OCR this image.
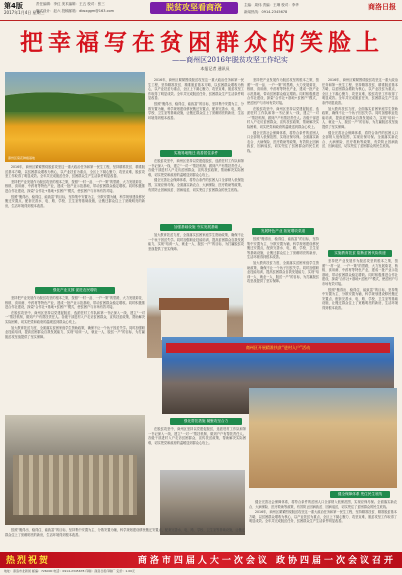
第4版
2017年1月4日 星期三
责任编辑：李红 美术编辑：王五 校对：张三
版式设计：赵六 投稿邮箱：dbsxggm@163.com	脱贫攻坚看商洛	主编：周伟 责编：王琳 校对：李华
新闻热线：0914-2345678
商洛日报
把幸福写在贫困群众的笑脸上
——商州区2016年脱贫攻坚工作纪实
本报记者 通讯员
商州区菊花种植基地

2016年，商州区紧紧围绕脱贫攻坚这一重大政治任务和第一民生工程，坚持精准扶贫、精准脱贫基本方略，以贫困群众增收为核心，以产业扶贫为重点，全区上下凝心聚力、攻坚克难，脱贫攻坚工作取得了明显成效。全年共完成脱贫任务，贫困群众生产生活条件明显改善。

坚持把产业发展作为脱贫攻坚的根本之策，按照“一村一品、一户一策”的思路，大力发展菊花、核桃、食用菌、中药材等特色产业，建成一批产业示范基地，带动贫困群众稳定增收。同时积极推进合作社建设，探索“合作社+基地+贫困户”模式，使贫困户与市场有效对接。

按照“搬得出、稳得住、能致富”的目标，坚持集中安置为主、分散安置为辅，科学规划建设移民搬迁安置点，配套完善水、电、路、学校、卫生室等基础设施，让搬迁群众住上了宽敞明亮的新房，生活环境得到根本改善。

强化产业支撑 促进农民增收

坚持把产业发展作为脱贫攻坚的根本之策，按照“一村一品、一户一策”的思路，大力发展菊花、核桃、食用菌、中药材等特色产业，建成一批产业示范基地，带动贫困群众稳定增收。同时积极推进合作社建设，探索“合作社+基地+贫困户”模式，使贫困户与市场有效对接。

在脱贫攻坚中，商州区坚持以党建促脱贫，选派驻村工作队和第一书记深入一线，建立“一对一”帮扶机制，做到户户有帮扶责任人。各级干部进村入户走访贫困群众，宣传扶贫政策，帮助解决实际困难，切实把党和政府的温暖送到群众心坎上。

加大教育扶贫力度，全面落实贫困家庭学生资助政策，确保不让一个孩子因贫失学。同时加强职业技能培训，提高贫困群众自我发展能力，实现“培训一人、就业一人、脱贫一户”的目标，为打赢脱贫攻坚战提供了坚实保障。

2016年，商州区紧紧围绕脱贫攻坚这一重大政治任务和第一民生工程，坚持精准扶贫、精准脱贫基本方略，以贫困群众增收为核心，以产业扶贫为重点，全区上下凝心聚力、攻坚克难，脱贫攻坚工作取得了明显成效。全年共完成脱贫任务，贫困群众生产生活条件明显改善。

按照“搬得出、稳得住、能致富”的目标，坚持集中安置为主、分散安置为辅，科学规划建设移民搬迁安置点，配套完善水、电、路、学校、卫生室等基础设施，让搬迁群众住上了宽敞明亮的新房，生活环境得到根本改善。

实施易地搬迁 改善居住条件

在脱贫攻坚中，商州区坚持以党建促脱贫，选派驻村工作队和第一书记深入一线，建立“一对一”帮扶机制，做到户户有帮扶责任人。各级干部进村入户走访贫困群众，宣传扶贫政策，帮助解决实际困难，切实把党和政府的温暖送到群众心坎上。

健全完善社会保障体系，将符合条件的贫困人口全部纳入低保范围，实现应保尽保。全面落实新农合、大病保险、医疗救助等政策，有效防止因病致贫、因病返贫，切实兜住了贫困群众的民生底线。

加强基础设施 夯实发展基础

加大教育扶贫力度，全面落实贫困家庭学生资助政策，确保不让一个孩子因贫失学。同时加强职业技能培训，提高贫困群众自我发展能力，实现“培训一人、就业一人、脱贫一户”的目标，为打赢脱贫攻坚战提供了坚实保障。

坚持把产业发展作为脱贫攻坚的根本之策，按照“一村一品、一户一策”的思路，大力发展菊花、核桃、食用菌、中药材等特色产业，建成一批产业示范基地，带动贫困群众稳定增收。同时积极推进合作社建设，探索“合作社+基地+贫困户”模式，使贫困户与市场有效对接。

在脱贫攻坚中，商州区坚持以党建促脱贫，选派驻村工作队和第一书记深入一线，建立“一对一”帮扶机制，做到户户有帮扶责任人。各级干部进村入户走访贫困群众，宣传扶贫政策，帮助解决实际困难，切实把党和政府的温暖送到群众心坎上。

健全完善社会保障体系，将符合条件的贫困人口全部纳入低保范围，实现应保尽保。全面落实新农合、大病保险、医疗救助等政策，有效防止因病致贫、因病返贫，切实兜住了贫困群众的民生底线。

发展特色产业 拓宽增收渠道

按照“搬得出、稳得住、能致富”的目标，坚持集中安置为主、分散安置为辅，科学规划建设移民搬迁安置点，配套完善水、电、路、学校、卫生室等基础设施，让搬迁群众住上了宽敞明亮的新房，生活环境得到根本改善。

加大教育扶贫力度，全面落实贫困家庭学生资助政策，确保不让一个孩子因贫失学。同时加强职业技能培训，提高贫困群众自我发展能力，实现“培训一人、就业一人、脱贫一户”的目标，为打赢脱贫攻坚战提供了坚实保障。

2016年，商州区紧紧围绕脱贫攻坚这一重大政治任务和第一民生工程，坚持精准扶贫、精准脱贫基本方略，以贫困群众增收为核心，以产业扶贫为重点，全区上下凝心聚力、攻坚克难，脱贫攻坚工作取得了明显成效。全年共完成脱贫任务，贫困群众生产生活条件明显改善。

加大教育扶贫力度，全面落实贫困家庭学生资助政策，确保不让一个孩子因贫失学。同时加强职业技能培训，提高贫困群众自我发展能力，实现“培训一人、就业一人、脱贫一户”的目标，为打赢脱贫攻坚战提供了坚实保障。

健全完善社会保障体系，将符合条件的贫困人口全部纳入低保范围，实现应保尽保。全面落实新农合、大病保险、医疗救助等政策，有效防止因病致贫、因病返贫，切实兜住了贫困群众的民生底线。

实施教育扶贫 阻断贫困代际传递

坚持把产业发展作为脱贫攻坚的根本之策，按照“一村一品、一户一策”的思路，大力发展菊花、核桃、食用菌、中药材等特色产业，建成一批产业示范基地，带动贫困群众稳定增收。同时积极推进合作社建设，探索“合作社+基地+贫困户”模式，使贫困户与市场有效对接。

按照“搬得出、稳得住、能致富”的目标，坚持集中安置为主、分散安置为辅，科学规划建设移民搬迁安置点，配套完善水、电、路、学校、卫生室等基础设施，让搬迁群众住上了宽敞明亮的新房，生活环境得到根本改善。

商州区开展精准扶贫“进村入户”活动
强化帮扶措施 凝聚攻坚合力

在脱贫攻坚中，商州区坚持以党建促脱贫，选派驻村工作队和第一书记深入一线，建立“一对一”帮扶机制，做到户户有帮扶责任人。各级干部进村入户走访贫困群众，宣传扶贫政策，帮助解决实际困难，切实把党和政府的温暖送到群众心坎上。

健全保障体系 兜住民生底线

健全完善社会保障体系，将符合条件的贫困人口全部纳入低保范围，实现应保尽保。全面落实新农合、大病保险、医疗救助等政策，有效防止因病致贫、因病返贫，切实兜住了贫困群众的民生底线。

2016年，商州区紧紧围绕脱贫攻坚这一重大政治任务和第一民生工程，坚持精准扶贫、精准脱贫基本方略，以贫困群众增收为核心，以产业扶贫为重点，全区上下凝心聚力、攻坚克难，脱贫攻坚工作取得了明显成效。全年共完成脱贫任务，贫困群众生产生活条件明显改善。

按照“搬得出、稳得住、能致富”的目标，坚持集中安置为主、分散安置为辅，科学规划建设移民搬迁安置点，配套完善水、电、路、学校、卫生室等基础设施，让搬迁群众住上了宽敞明亮的新房，生活环境得到根本改善。

热烈祝贺	商洛市四届人大一次会议 政协四届一次会议召开
地址：商洛市北新街 邮编：726000 电话：0914-2345678 印刷：商洛日报印刷厂 定价：1.00元
